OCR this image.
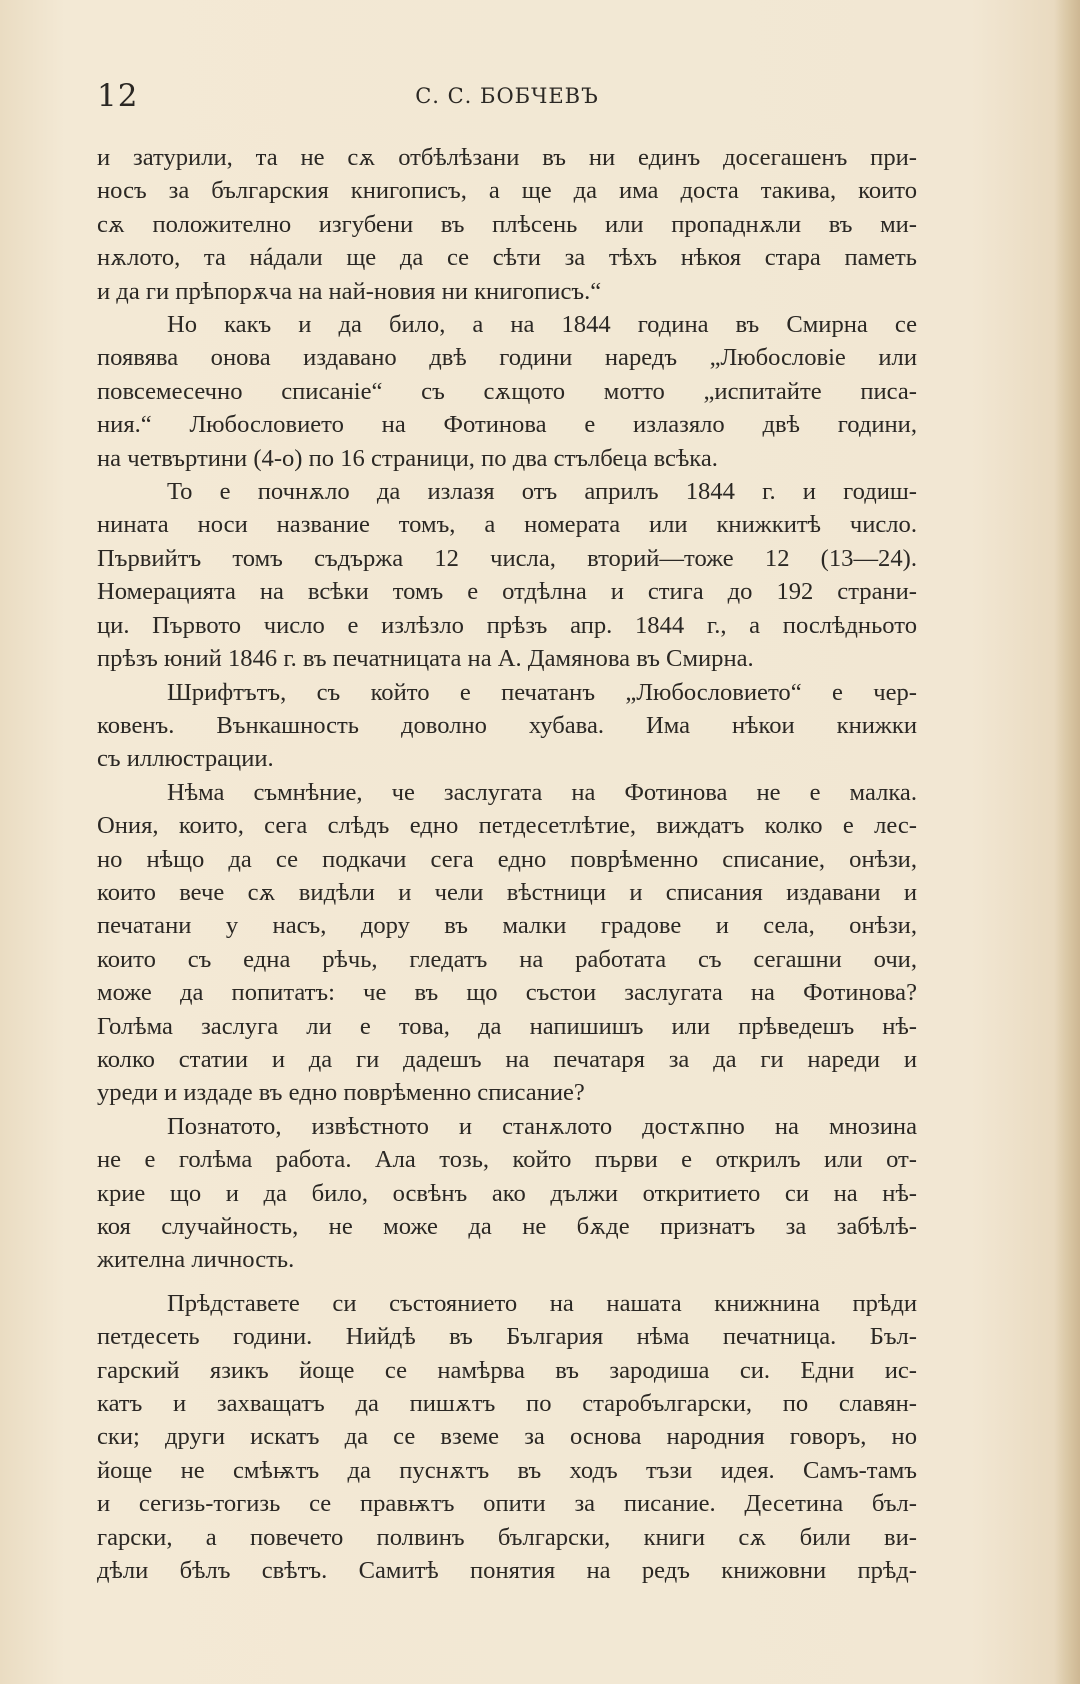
12	С. С. БОБЧЕВЪ

и затурили, та не сѫ отбѣлѣзани въ ни единъ досегашенъ при-
носъ за българския книгописъ, а ще да има доста такива, които
сѫ положително изгубени въ плѣсень или пропаднѫли въ ми-
нѫлото, та нáдали ще да се сѣти за тѣхъ нѣкоя стара паметь
и да ги прѣпорѫча на най-новия ни книгописъ.“

Но какъ и да било, а на 1844 година въ Смирна се
появява онова издавано двѣ години наредъ „Любословіе или
повсемесечно списаніе“ съ сѫщото мотто „испитайте писа-
ния.“ Любословието на Фотинова е излазяло двѣ години,
на четвъртини (4-о) по 16 страници, по два стълбеца всѣка.

То е почнѫло да излазя отъ априлъ 1844 г. и годиш-
нината носи название томъ, а номерата или книжкитѣ число.
Първийтъ томъ съдържа 12 числа, вторий—тоже 12 (13—24).
Номерацията на всѣки томъ е отдѣлна и стига до 192 страни-
ци. Първото число е излѣзло прѣзъ апр. 1844 г., а послѣдньото
прѣзъ юний 1846 г. въ печатницата на А. Дамянова въ Смирна.

Шрифтътъ, съ който е печатанъ „Любословието“ е чер-
ковенъ. Вънкашность доволно хубава. Има нѣкои книжки
съ иллюстрации.

Нѣма съмнѣние, че заслугата на Фотинова не е малка.
Ония, които, сега слѣдъ едно петдесетлѣтие, виждатъ колко е лес-
но нѣщо да се подкачи сега едно поврѣменно списание, онѣзи,
които вече сѫ видѣли и чели вѣстници и списания издавани и
печатани у насъ, дору въ малки градове и села, онѣзи,
които съ една рѣчь, гледатъ на работата съ сегашни очи,
може да попитатъ: че въ що състои заслугата на Фотинова?
Голѣма заслуга ли е това, да напишишъ или прѣведешъ нѣ-
колко статии и да ги дадешъ на печатаря за да ги нареди и
уреди и издаде въ едно поврѣменно списание?

Познатото, извѣстното и станѫлото достѫпно на мнозина
не е голѣма работа. Ала тозь, който първи е открилъ или от-
крие що и да било, освѣнъ ако дължи откритието си на нѣ-
коя случайность, не може да не бѫде признатъ за забѣлѣ-
жителна личность.

Прѣдставете си състоянието на нашата книжнина прѣди
петдесеть години. Нийдѣ въ България нѣма печатница. Бъл-
гарский язикъ йоще се намѣрва въ зародиша си. Едни ис-
катъ и захващатъ да пишѫтъ по старобългарски, по славян-
ски; други искатъ да се вземе за основа народния говоръ, но
йоще не смѣѭтъ да пуснѫтъ въ ходъ тъзи идея. Самъ-тамъ
и сегизь-тогизь се правѭтъ опити за писание. Десетина бъл-
гарски, а повечето полвинъ български, книги сѫ били ви-
дѣли бѣлъ свѣтъ. Самитѣ понятия на редъ книжовни прѣд-
